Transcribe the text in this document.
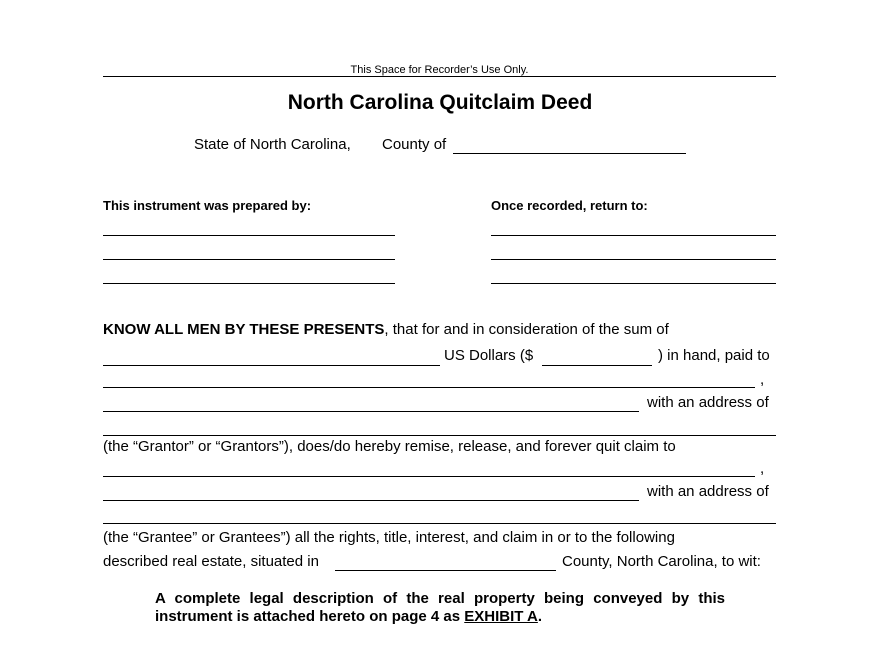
This Space for Recorder’s Use Only.
North Carolina Quitclaim Deed
State of North Carolina, County of
This instrument was prepared by:	Once recorded, return to:
KNOW ALL MEN BY THESE PRESENTS, that for and in consideration of the sum of
US Dollars ($	) in hand, paid to
,
with an address of
(the “Grantor” or “Grantors”), does/do hereby remise, release, and forever quit claim to
,
with an address of
(the “Grantee” or Grantees”) all the rights, title, interest, and claim in or to the following
described real estate, situated in	County, North Carolina, to wit:
A complete legal description of the real property being conveyed by this
instrument is attached hereto on page 4 as EXHIBIT A.
